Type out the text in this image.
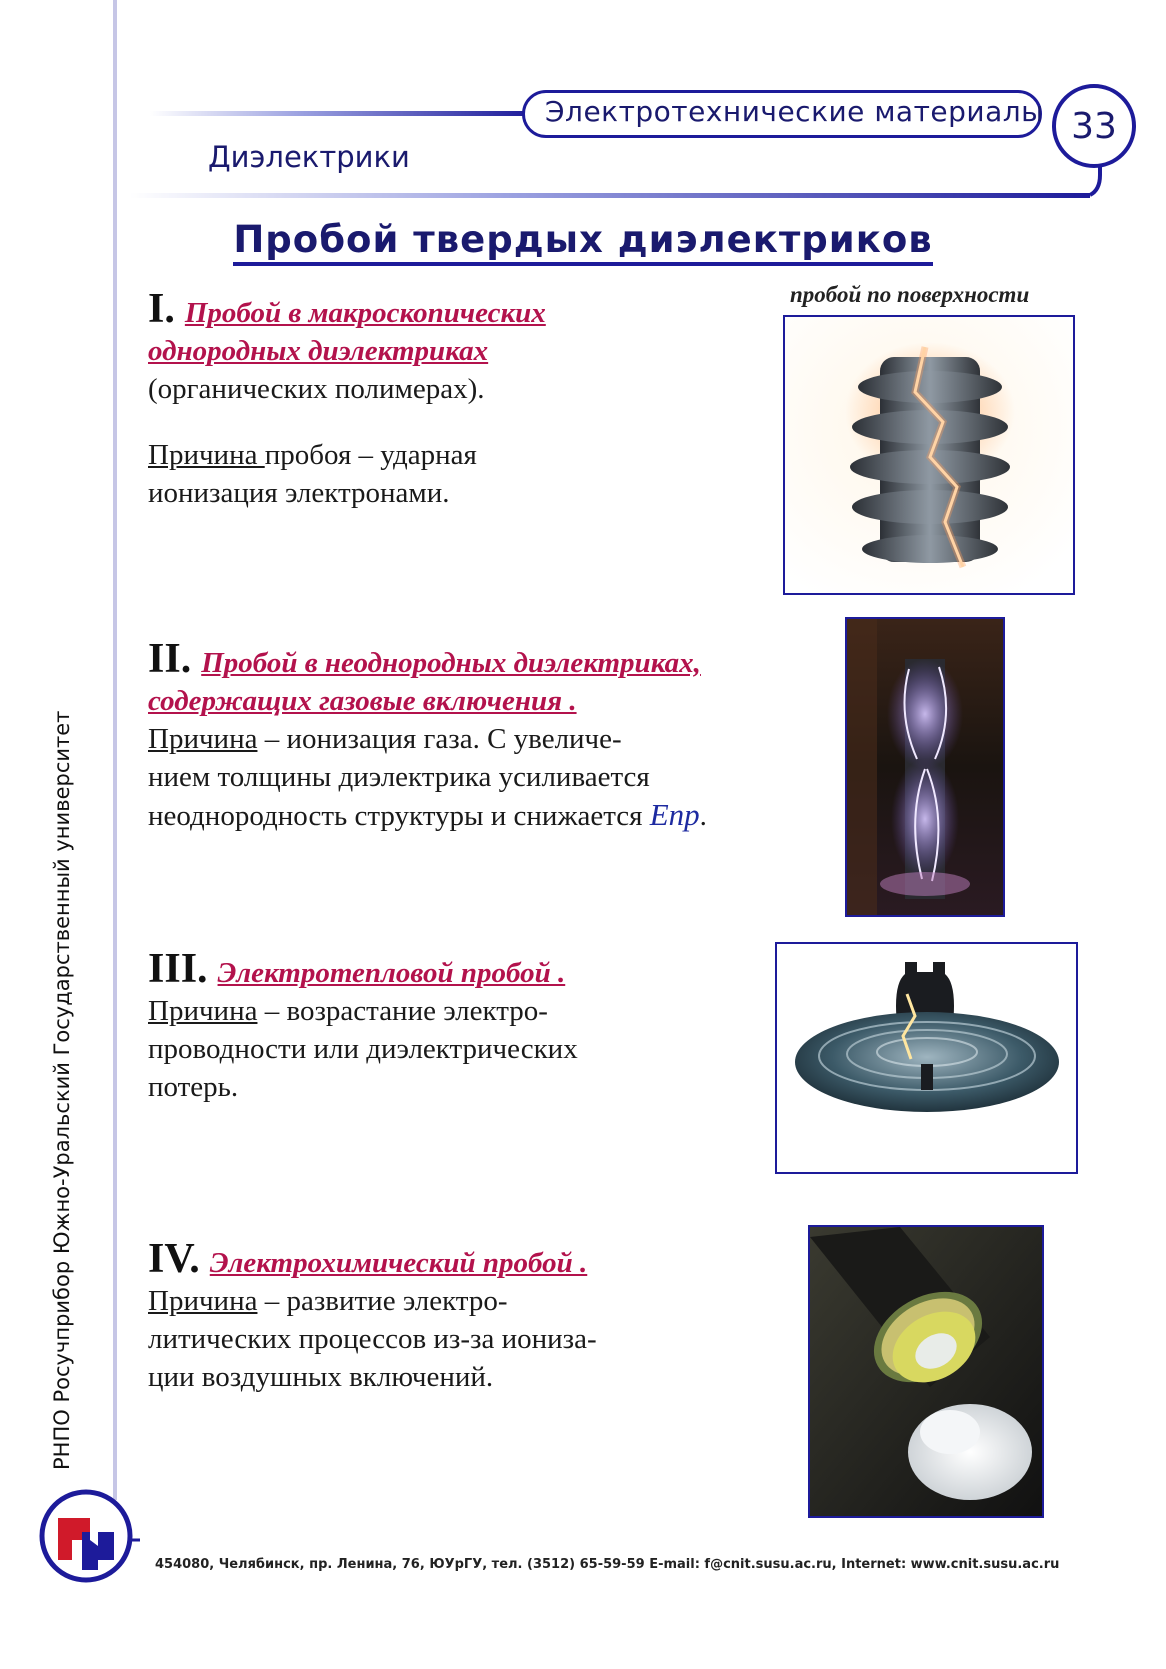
Электротехнические материалы 33
Диэлектрики
Пробой твердых диэлектриков
I. Пробой в макроскопических
однородных диэлектриках
(органических полимерах).
Причина пробоя – ударная
ионизация электронами.
пробой по поверхности
II. Пробой в неоднородных диэлектриках,
содержащих газовые включения .
Причина – ионизация газа. С увеличе-
нием толщины диэлектрика усиливается
неоднородность структуры и снижается Eпр.
III. Электротепловой пробой .
Причина – возрастание электро-
проводности или диэлектрических
потерь.
IV. Электрохимический пробой .
Причина – развитие электро-
литических процессов из-за иониза-
ции воздушных включений.
РНПО Росучприбор Южно-Уральский Государственный университет
454080, Челябинск, пр. Ленина, 76, ЮУрГУ, тел. (3512) 65-59-59 E-mail: f@cnit.susu.ac.ru, Internet: www.cnit.susu.ac.ru
